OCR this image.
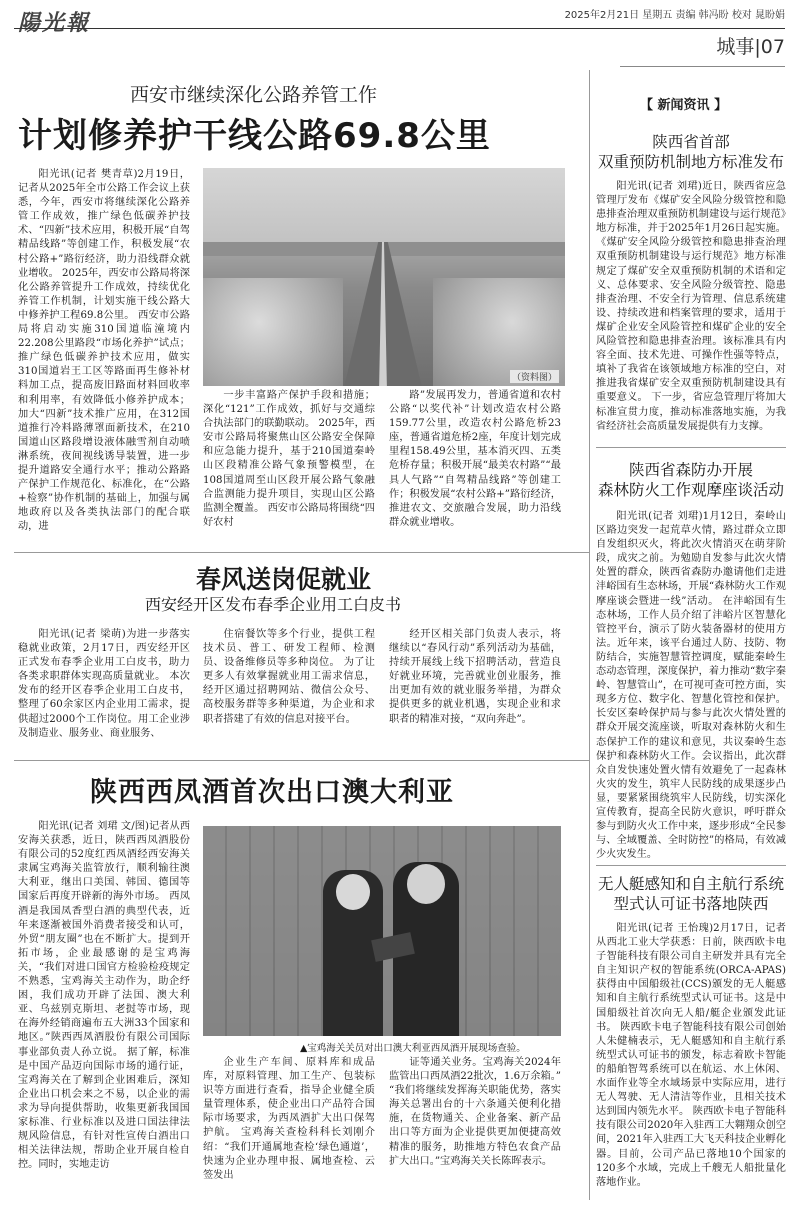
陽光報	2025年2月21日 星期五 责编 韩冯盼 校对 晁盼娟
城事|07
西安市继续深化公路养管工作
计划修养护干线公路69.8公里

阳光讯(记者 樊青草)2月19日，记者从2025年全市公路工作会议上获悉，今年，西安市将继续深化公路养管工作成效，推广绿色低碳养护技术、“四新”技术应用，积极开展“自驾精品线路”等创建工作，积极发展“农村公路+”路衍经济，助力沿线群众就业增收。 2025年，西安市公路局将深化公路养管提升工作成效，持续优化养管工作机制，计划实施干线公路大中修养护工程69.8公里。 西安市公路局将启动实施310国道临潼境内22.208公里路段“市场化养护”试点；推广绿色低碳养护技术应用，做实310国道岩王工区等路面再生修补材料加工点，提高废旧路面材料回收率和利用率，有效降低小修养护成本；加大“四新”技术推广应用，在312国道推行冷料路薄罩面新技术，在210国道山区路段增设液体融雪剂自动喷淋系统，夜间视线诱导装置，进一步提升道路安全通行水平；推动公路路产保护工作规范化、标准化，在“公路+检察”协作机制的基础上，加强与属地政府以及各类执法部门的配合联动，进

（资料图）

一步丰富路产保护手段和措施；深化“121”工作成效，抓好与交通综合执法部门的联勤联动。 2025年，西安市公路局将聚焦山区公路安全保障和应急能力提升，基于210国道秦岭山区段精准公路气象预警模型，在108国道周至山区段开展公路气象融合监测能力提升项目，实现山区公路监测全覆盖。 西安市公路局将围绕“四好农村

路”发展再发力，普通省道和农村公路“以奖代补”计划改造农村公路159.77公里，改造农村公路危桥23座，普通省道危桥2座，年度计划完成里程158.49公里，基本消灭四、五类危桥存量；积极开展“最美农村路”“最具人气路”“自驾精品线路”等创建工作；积极发展“农村公路+”路衍经济，推进农文、交旅融合发展，助力沿线群众就业增收。

春风送岗促就业
西安经开区发布春季企业用工白皮书

阳光讯(记者 梁萌)为进一步落实稳就业政策，2月17日，西安经开区正式发布春季企业用工白皮书，助力各类求职群体实现高质量就业。 本次发布的经开区春季企业用工白皮书，整理了60余家区内企业用工需求，提供超过2000个工作岗位。用工企业涉及制造业、服务业、商业服务、

住宿餐饮等多个行业，提供工程技术员、普工、研发工程师、检测员、设备维修员等多种岗位。 为了让更多人有效掌握就业用工需求信息，经开区通过招聘网站、微信公众号、高校服务群等多种渠道，为企业和求职者搭建了有效的信息对接平台。

经开区相关部门负责人表示，将继续以“春风行动”系列活动为基础，持续开展线上线下招聘活动，营造良好就业环境，完善就业创业服务，推出更加有效的就业服务举措，为群众提供更多的就业机遇，实现企业和求职者的精准对接，“双向奔赴”。

陕西西凤酒首次出口澳大利亚

阳光讯(记者 刘珺 文/图)记者从西安海关获悉，近日，陕西西凤酒股份有限公司的52度红西凤酒经西安海关隶属宝鸡海关监管放行，顺利输往澳大利亚，继出口美国、韩国、德国等国家后再度开辟新的海外市场。 西凤酒是我国凤香型白酒的典型代表，近年来逐渐被国外消费者接受和认可，外贸“朋友圈”也在不断扩大。提到开拓市场，企业最感谢的是宝鸡海关，“我们对进口国官方检验检疫规定不熟悉，宝鸡海关主动作为，助企纾困，我们成功开辟了法国、澳大利亚、乌兹别克斯坦、老挝等市场，现在海外经销商遍布五大洲33个国家和地区。”陕西西凤酒股份有限公司国际事业部负责人孙立说。 据了解，标准是中国产品迈向国际市场的通行证，宝鸡海关在了解到企业困难后，深知企业出口机会来之不易，以企业的需求为导向提供帮助，收集更新我国国家标准、行业标准以及进口国法律法规风险信息，有针对性宣传白酒出口相关法律法规，帮助企业开展自检自控。同时，实地走访

▲宝鸡海关关员对出口澳大利亚西凤酒开展现场查验。

企业生产车间、原料库和成品库，对原料管理、加工生产、包装标识等方面进行查看，指导企业健全质量管理体系，使企业出口产品符合国际市场要求，为西凤酒扩大出口保驾护航。 宝鸡海关查检科科长刘刚介绍：“我们开通属地查检‘绿色通道’，快速为企业办理申报、属地查检、云签发出

证等通关业务。宝鸡海关2024年监管出口西凤酒22批次，1.6万余箱。” “我们将继续发挥海关职能优势，落实海关总署出台的十六条通关便利化措施，在货物通关、企业备案、新产品出口等方面为企业提供更加便捷高效精准的服务，助推地方特色农食产品扩大出口。”宝鸡海关关长陈晖表示。

【 新闻资讯 】
陕西省首部
双重预防机制地方标准发布

阳光讯(记者 刘珺)近日，陕西省应急管理厅发布《煤矿安全风险分级管控和隐患排查治理双重预防机制建设与运行规范》地方标准，并于2025年1月26日起实施。 《煤矿安全风险分级管控和隐患排查治理双重预防机制建设与运行规范》地方标准规定了煤矿安全双重预防机制的术语和定义、总体要求、安全风险分级管控、隐患排查治理、不安全行为管理、信息系统建设、持续改进和档案管理的要求，适用于煤矿企业安全风险管控和煤矿企业的安全风险管控和隐患排查治理。该标准具有内容全面、技术先进、可操作性强等特点，填补了我省在该领域地方标准的空白，对推进我省煤矿安全双重预防机制建设具有重要意义。 下一步，省应急管理厅将加大标准宣贯力度，推动标准落地实施，为我省经济社会高质量发展提供有力支撑。

陕西省森防办开展
森林防火工作观摩座谈活动

阳光讯(记者 刘珺)1月12日，秦岭山区路边突发一起荒草火情，路过群众立即自发组织灭火，将此次火情消灭在萌芽阶段，成灾之前。为勉励自发参与此次火情处置的群众，陕西省森防办邀请他们走进沣峪国有生态林场，开展“森林防火工作观摩座谈会暨进一线”活动。 在沣峪国有生态林场，工作人员介绍了沣峪片区智慧化管控平台，演示了防火装备器材的使用方法。近年来，该平台通过人防、技防、物防结合，实施智慧管控调度，赋能秦岭生态动态管理，深度保护，着力推动“数字秦岭、智慧管山”，在可视可查可控方面，实现多方位、数字化、智慧化管控和保护。 长安区秦岭保护局与参与此次火情处置的群众开展交流座谈，听取对森林防火和生态保护工作的建议和意见，共议秦岭生态保护和森林防火工作。会议指出，此次群众自发快速处置火情有效避免了一起森林火灾的发生，筑牢人民防线的成果逐步凸显，要紧紧围绕筑牢人民防线，切实深化宣传教育，提高全民防火意识，呼吁群众参与到防火火工作中来，逐步形成“全民参与、全域覆盖、全时防控”的格局，有效减少火灾发生。

无人艇感知和自主航行系统
型式认可证书落地陕西

阳光讯(记者 王怡瑰)2月17日，记者从西北工业大学获悉：日前，陕西欧卡电子智能科技有限公司自主研发并具有完全自主知识产权的智能系统(ORCA-APAS)获得由中国船级社(CCS)颁发的无人艇感知和自主航行系统型式认可证书。这是中国船级社首次向无人船/艇企业颁发此证书。 陕西欧卡电子智能科技有限公司创始人朱健楠表示，无人艇感知和自主航行系统型式认可证书的颁发，标志着欧卡智能的船舶智驾系统可以在航运、水上休闲、水面作业等全水域场景中实际应用，进行无人驾驶、无人清洁等作业，且相关技术达到国内领先水平。 陕西欧卡电子智能科技有限公司2020年入驻西工大翱翔众创空间，2021年入驻西工大飞天科技企业孵化器。目前，公司产品已落地10个国家的120多个水域，完成上千艘无人船批量化落地作业。
